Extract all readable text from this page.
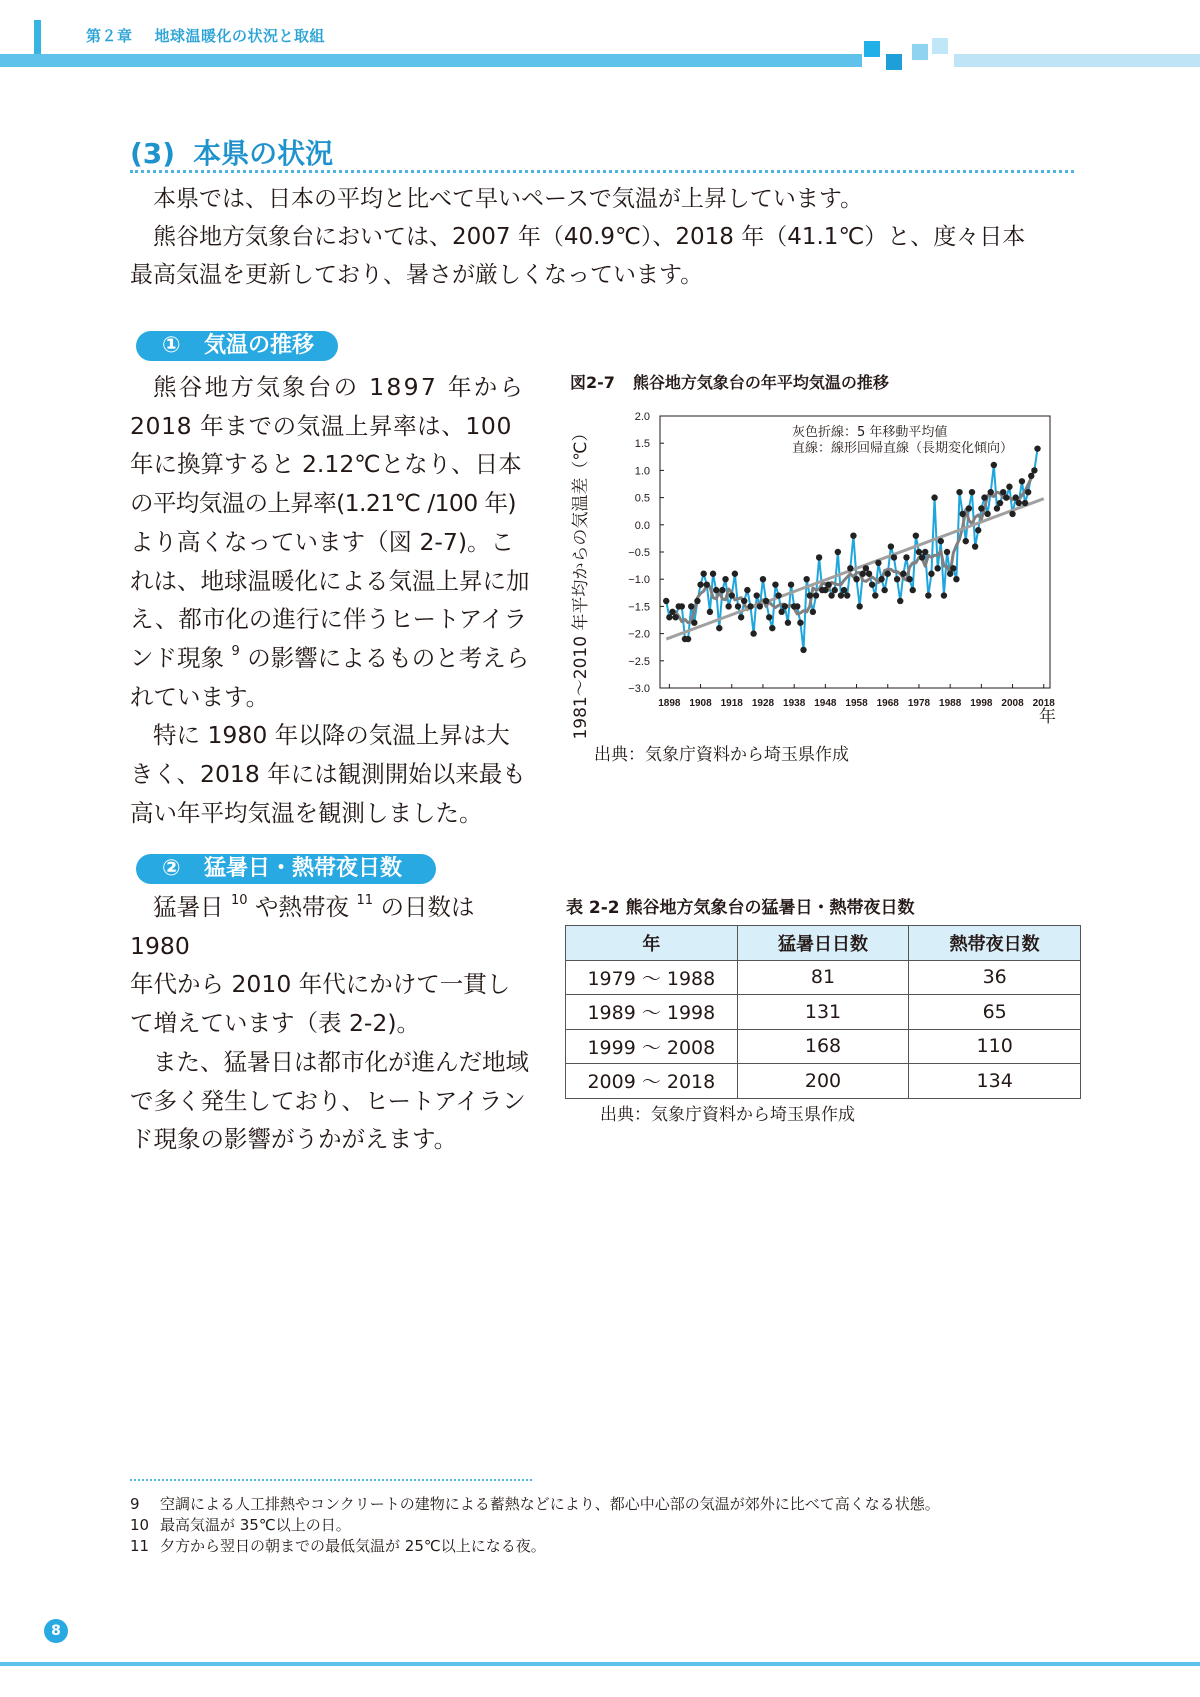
第２章 地球温暖化の状況と取組
(3) 本県の状況
本県では、日本の平均と比べて早いペースで気温が上昇しています。
熊谷地方気象台においては、2007 年（40.9℃）、2018 年（41.1℃）と、度々日本
最高気温を更新しており、暑さが厳しくなっています。
① 気温の推移
熊谷地方気象台の 1897 年から
2018 年までの気温上昇率は、100
年に換算すると 2.12℃となり、日本
の平均気温の上昇率(1.21℃ /100 年)
より高くなっています（図 2-7)。こ
れは、地球温暖化による気温上昇に加
え、都市化の進行に伴うヒートアイラ
ンド現象 $^9$ の影響によるものと考えら
れています。
特に 1980 年以降の気温上昇は大
きく、2018 年には観測開始以来最も
高い年平均気温を観測しました。
図2-7 熊谷地方気象台の年平均気温の推移
2.0
1.5
1.0
0.5
0.0
−0.5
−1.0
−1.5
−2.0
−2.5
−3.0
1898 1908 1918 1928 1938 1948 1958 1968 1978 1988 1998 2008 2018
年
1981～2010 年平均からの気温差（℃）	灰色折線：5 年移動平均値
直線：線形回帰直線（長期変化傾向）
出典：気象庁資料から埼玉県作成
② 猛暑日・熱帯夜日数
猛暑日 $^{10}$ や熱帯夜 $^{11}$ の日数は 1980
年代から 2010 年代にかけて一貫し
て増えています（表 2-2)。
また、猛暑日は都市化が進んだ地域
で多く発生しており、ヒートアイラン
ド現象の影響がうかがえます。
表 2-2 熊谷地方気象台の猛暑日・熱帯夜日数
年	猛暑日日数	熱帯夜日数
1979 ～ 1988	81	36
1989 ～ 1998	131	65
1999 ～ 2008	168	110
2009 ～ 2018	200	134
出典：気象庁資料から埼玉県作成
9 空調による人工排熱やコンクリートの建物による蓄熱などにより、都心中心部の気温が郊外に比べて高くなる状態。
10 最高気温が 35℃以上の日。
11 夕方から翌日の朝までの最低気温が 25℃以上になる夜。
8
